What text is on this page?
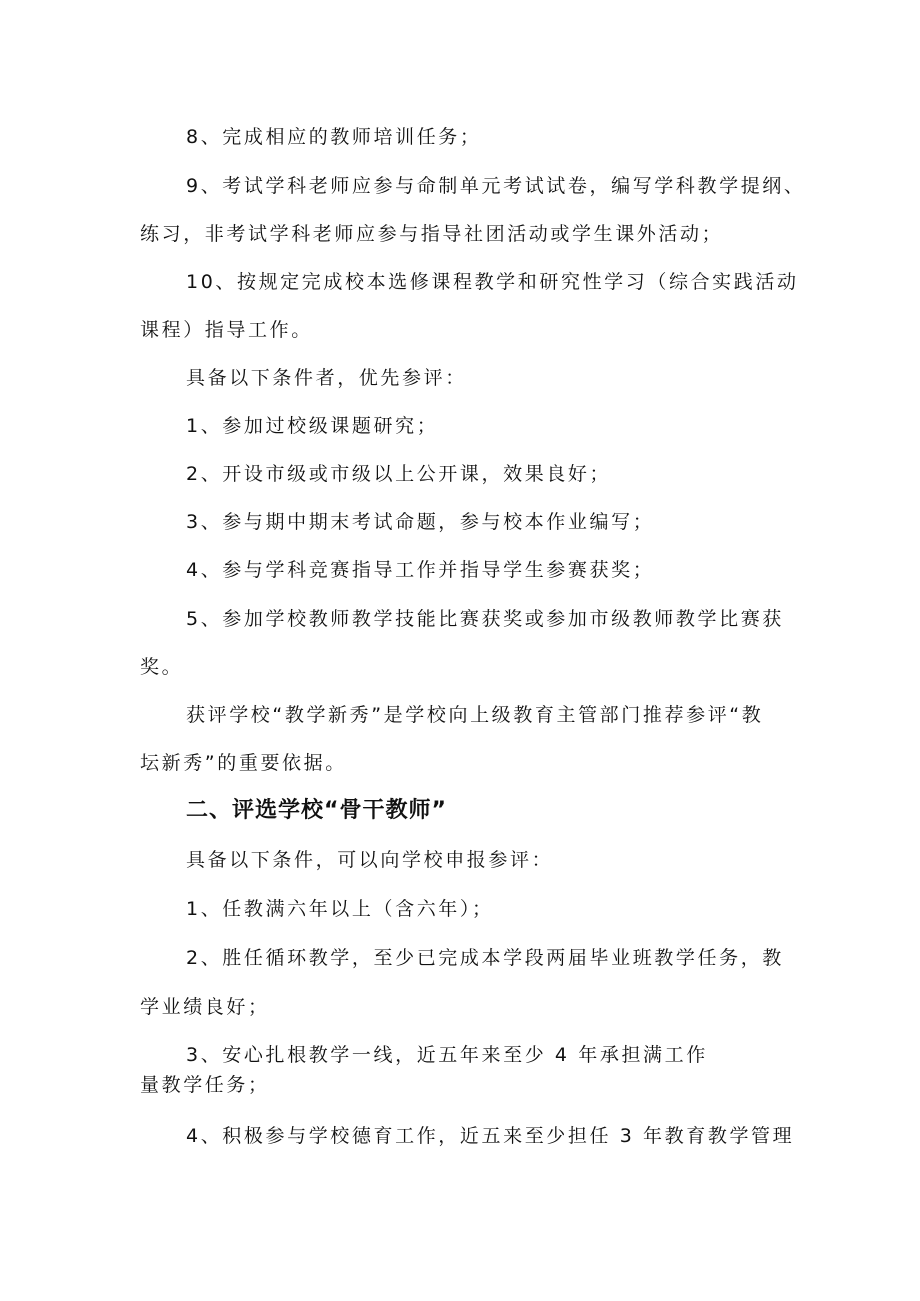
8、完成相应的教师培训任务；
9、考试学科老师应参与命制单元考试试卷，编写学科教学提纲、
练习，非考试学科老师应参与指导社团活动或学生课外活动；
10、按规定完成校本选修课程教学和研究性学习（综合实践活动
课程）指导工作。
具备以下条件者，优先参评：
1、参加过校级课题研究；
2、开设市级或市级以上公开课，效果良好；
3、参与期中期末考试命题，参与校本作业编写；
4、参与学科竞赛指导工作并指导学生参赛获奖；
5、参加学校教师教学技能比赛获奖或参加市级教师教学比赛获
奖。
获评学校“教学新秀”是学校向上级教育主管部门推荐参评“教
坛新秀”的重要依据。
二、评选学校“骨干教师”
具备以下条件，可以向学校申报参评：
1、任教满六年以上（含六年）；
2、胜任循环教学，至少已完成本学段两届毕业班教学任务，教
学业绩良好；
3、安心扎根教学一线，近五年来至少 4 年承担满工作
量教学任务；
4、积极参与学校德育工作，近五来至少担任 3 年教育教学管理
